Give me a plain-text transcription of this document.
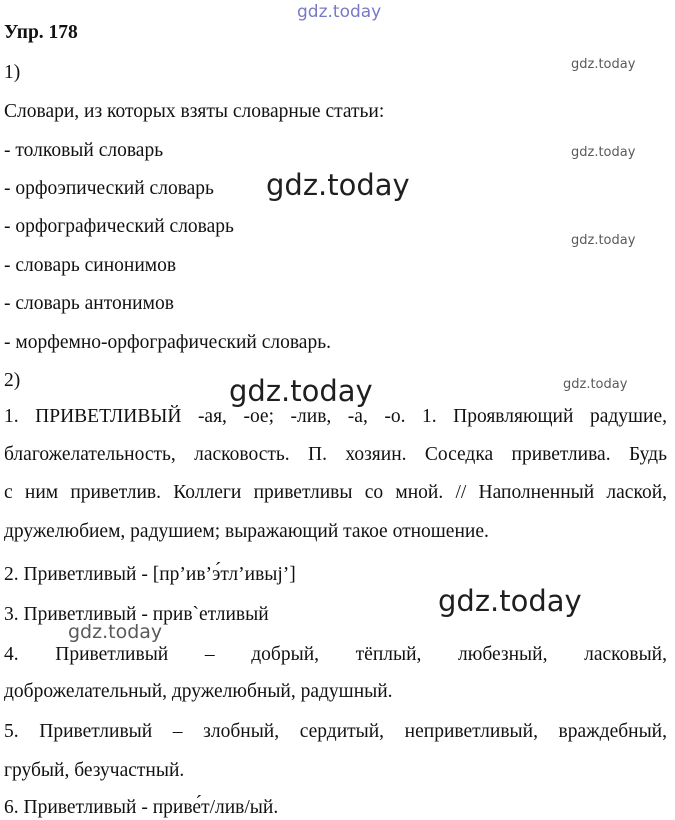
Упр. 178
1)
Словари, из которых взяты словарные статьи:
- толковый словарь
- орфоэпический словарь
- орфографический словарь
- словарь синонимов
- словарь антонимов
- морфемно-орфографический словарь.
2)
1. ПРИВЕТЛИВЫЙ -ая, -ое; -лив, -а, -о. 1. Проявляющий радушие,
благожелательность, ласковость. П. хозяин. Соседка приветлива. Будь
с ним приветлив. Коллеги приветливы со мной. // Наполненный лаской,
дружелюбием, радушием; выражающий такое отношение.
2. Приветливый - [пр’ив’э́тл’ивыj’]
3. Приветливый - прив`етливый
4. Приветливый – добрый, тёплый, любезный, ласковый,
доброжелательный, дружелюбный, радушный.
5. Приветливый – злобный, сердитый, неприветливый, враждебный,
грубый, безучастный.
6. Приветливый - приве́т/лив/ый.
gdz.today
gdz.today
gdz.today
gdz.today
gdz.today
gdz.today
gdz.today
gdz.today
gdz.today
